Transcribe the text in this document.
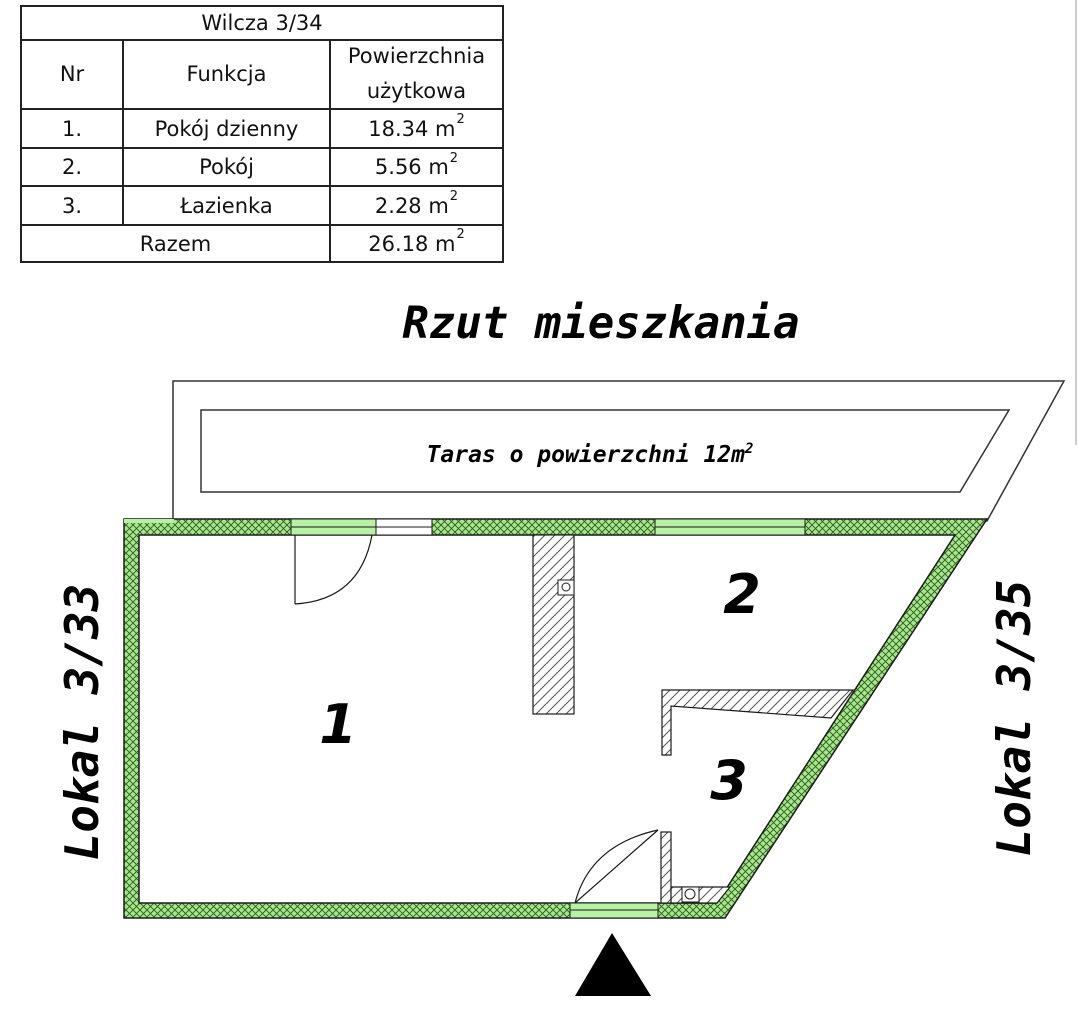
Wilcza 3/34
Nr	Funkcja
Powierzchnia
użytkowa
1.	Pokój dzienny	18.34 $m^2$
2.	Pokój	5.56 $m^2$
3.	Łazienka	2.28 $m^2$
Razem	26.18 $m^2$
Rzut mieszkania
Taras o powierzchni $12m^2$
1
2
3
Lokal 3/33	Lokal 3/35
